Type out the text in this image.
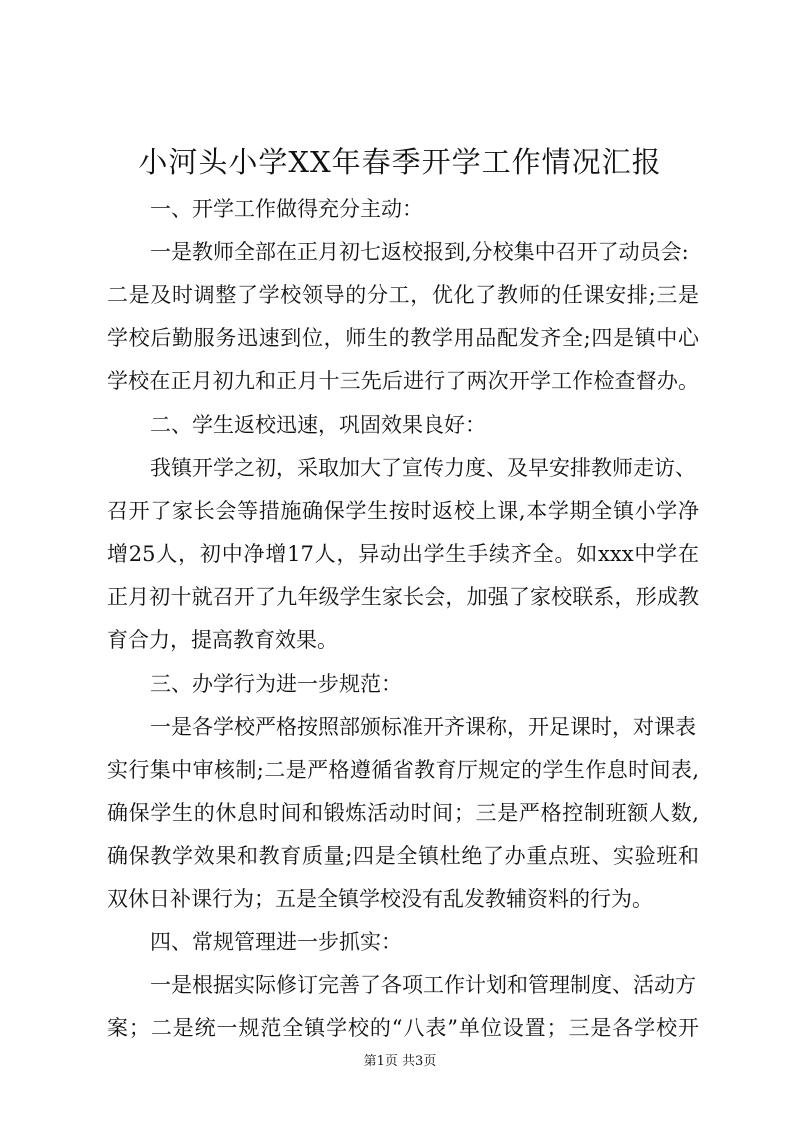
小河头小学XX年春季开学工作情况汇报
一、开学工作做得充分主动：
一是教师全部在正月初七返校报到,分校集中召开了动员会:
二是及时调整了学校领导的分工，优化了教师的任课安排;三是
学校后勤服务迅速到位，师生的教学用品配发齐全;四是镇中心
学校在正月初九和正月十三先后进行了两次开学工作检查督办。
二、学生返校迅速，巩固效果良好：
我镇开学之初，采取加大了宣传力度、及早安排教师走访、
召开了家长会等措施确保学生按时返校上课,本学期全镇小学净
增25人，初中净增17人，异动出学生手续齐全。如xxx中学在
正月初十就召开了九年级学生家长会，加强了家校联系，形成教
育合力，提高教育效果。
三、办学行为进一步规范：
一是各学校严格按照部颁标准开齐课称，开足课时，对课表
实行集中审核制;二是严格遵循省教育厅规定的学生作息时间表,
确保学生的休息时间和锻炼活动时间；三是严格控制班额人数,
确保教学效果和教育质量;四是全镇杜绝了办重点班、实验班和
双休日补课行为；五是全镇学校没有乱发教辅资料的行为。
四、常规管理进一步抓实：
一是根据实际修订完善了各项工作计划和管理制度、活动方
案；二是统一规范全镇学校的“八表”单位设置；三是各学校开
第1页 共3页
